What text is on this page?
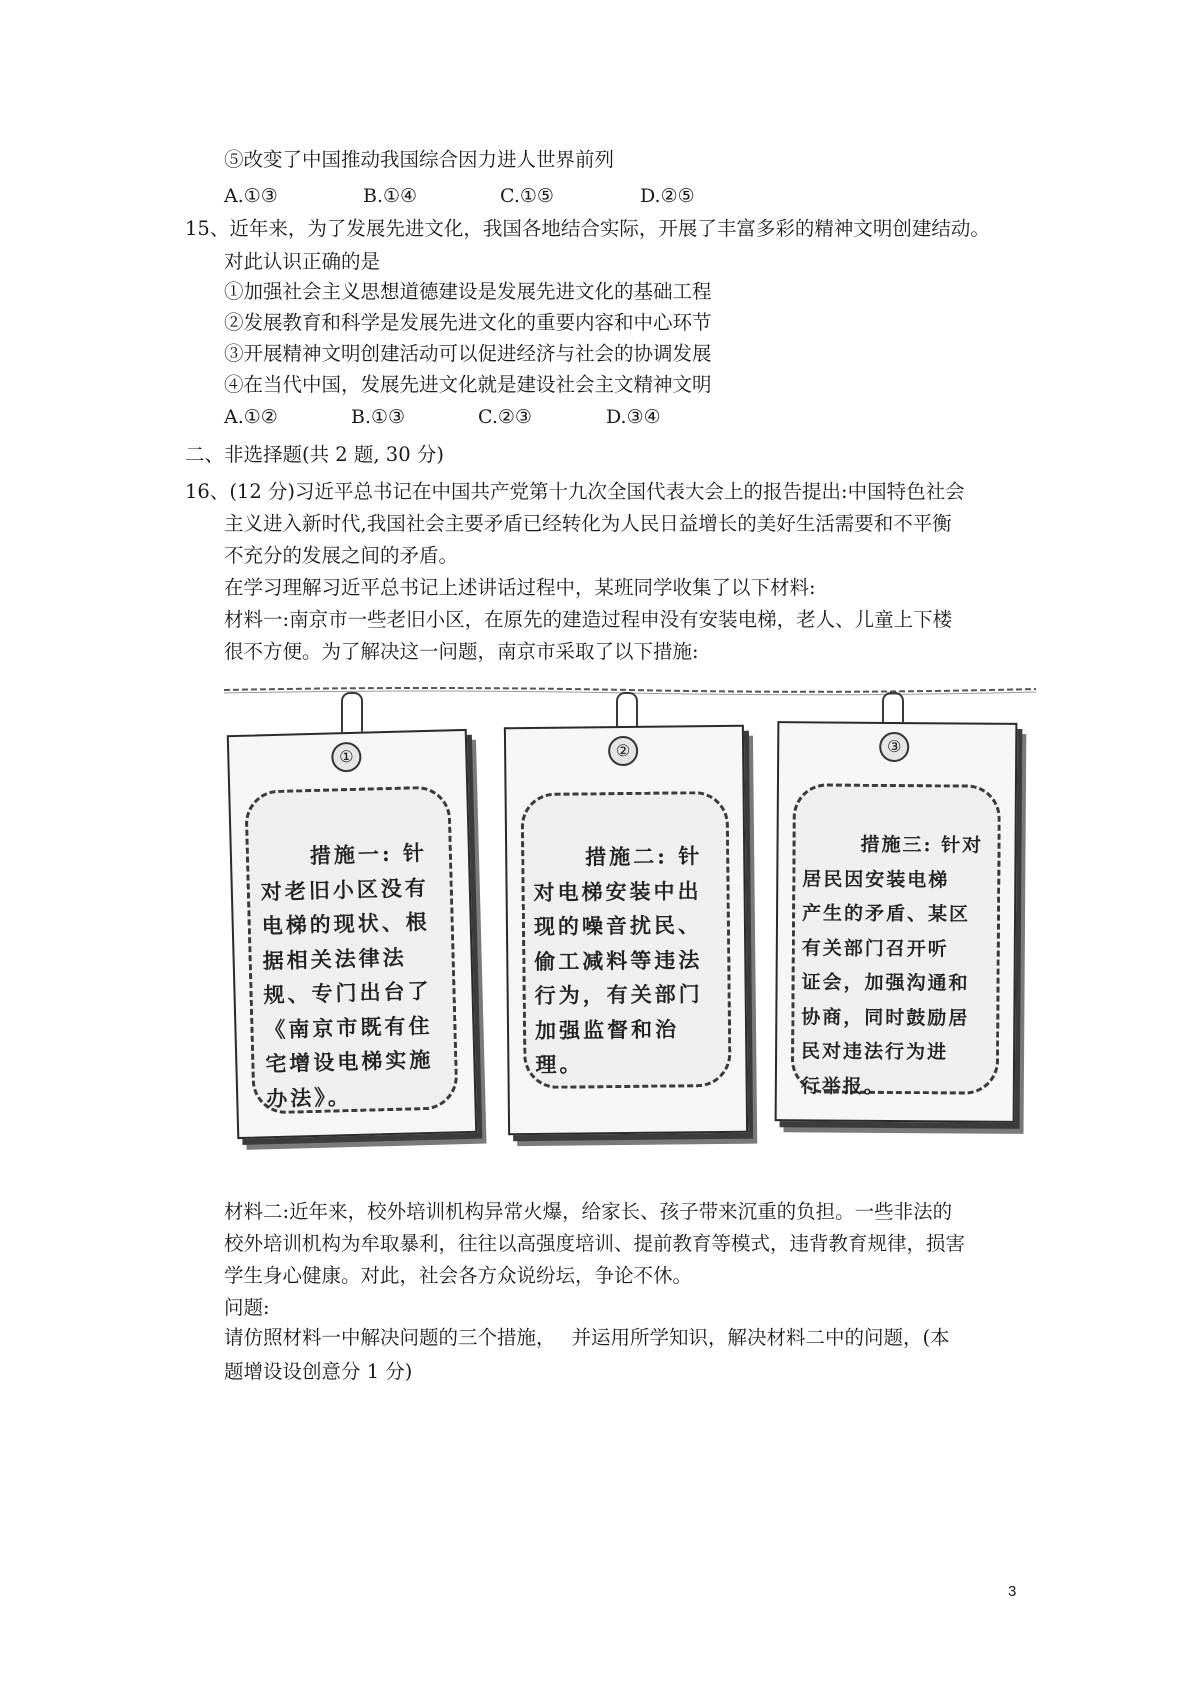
⑤改变了中国推动我国综合因力进人世界前列
A.①③	B.①④	C.①⑤	D.②⑤
15、近年来，为了发展先进文化，我国各地结合实际，开展了丰富多彩的精神文明创建结动。
对此认识正确的是
①加强社会主义思想道德建设是发展先进文化的基础工程
②发展教育和科学是发展先进文化的重要内容和中心环节
③开展精神文明创建活动可以促进经济与社会的协调发展
④在当代中国，发展先进文化就是建设社会主文精神文明
A.①②	B.①③	C.②③	D.③④
二、非选择题(共 2 题, 30 分)
16、(12 分)习近平总书记在中国共产党第十九次全国代表大会上的报告提出:中国特色社会
主义进入新时代,我国社会主要矛盾已经转化为人民日益增长的美好生活需要和不平衡
不充分的发展之间的矛盾。
在学习理解习近平总书记上述讲话过程中，某班同学收集了以下材料:
材料一:南京市一些老旧小区，在原先的建造过程申没有安装电梯，老人、儿童上下楼
很不方便。为了解决这一问题，南京市采取了以下措施:
①
措施一: 针
对老旧小区没有
电梯的现状、根
据相关法律法
规、专门出台了
《南京市既有住
宅增设电梯实施
办法》。
②
措施二: 针
对电梯安装中出
现的噪音扰民、
偷工减料等违法
行为，有关部门
加强监督和治
理。
③
措施三: 针对
居民因安装电梯
产生的矛盾、某区
有关部门召开听
证会，加强沟通和
协商，同时鼓励居
民对违法行为进
行举报。
材料二:近年来，校外培训机构异常火爆，给家长、孩子带来沉重的负担。一些非法的
校外培训机构为牟取暴利，往往以高强度培训、提前教育等模式，违背教育规律，损害
学生身心健康。对此，社会各方众说纷坛，争论不休。
问题:
请仿照材料一中解决问题的三个措施，　 并运用所学知识，解决材料二中的问题，(本
题增设设创意分 1 分)
3
